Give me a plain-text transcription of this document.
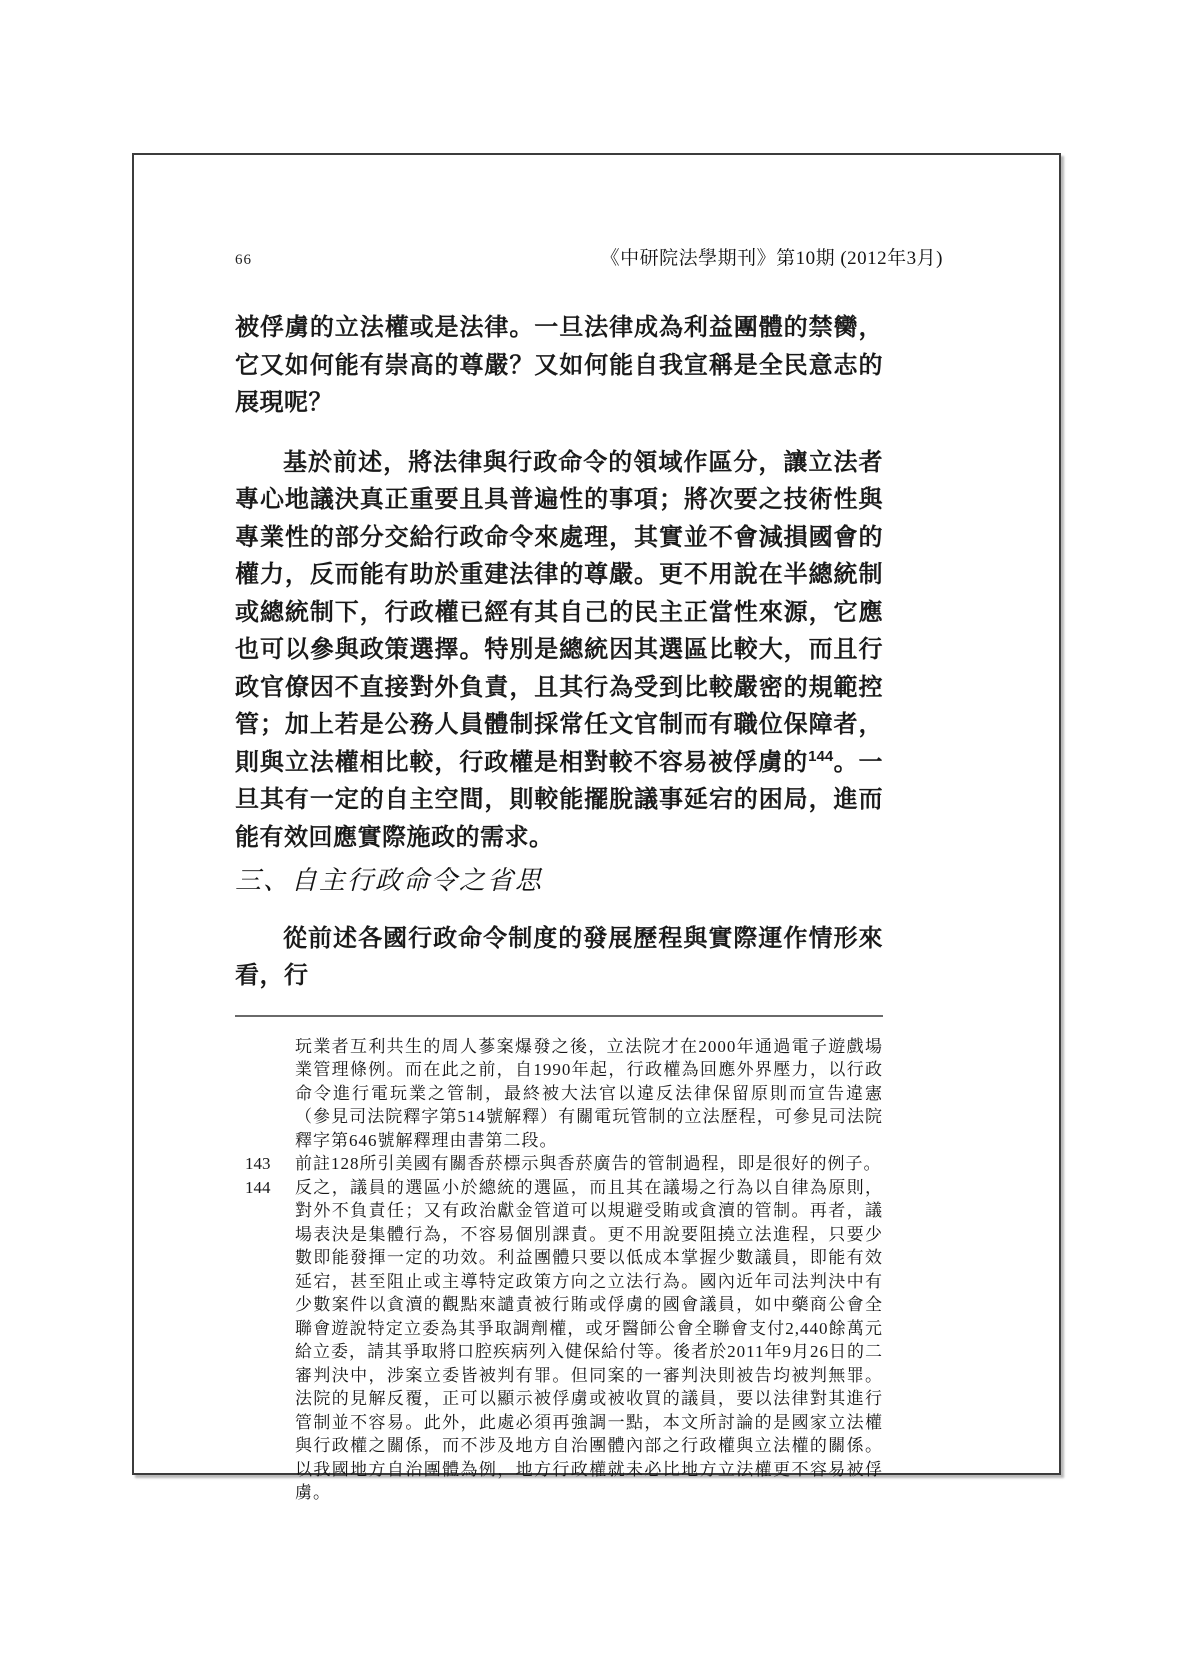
66	《中研院法學期刊》第10期 (2012年3月)

被俘虜的立法權或是法律。一旦法律成為利益團體的禁臠，它又如何能有崇高的尊嚴？又如何能自我宣稱是全民意志的展現呢？

基於前述，將法律與行政命令的領域作區分，讓立法者專心地議決真正重要且具普遍性的事項；將次要之技術性與專業性的部分交給行政命令來處理，其實並不會減損國會的權力，反而能有助於重建法律的尊嚴。更不用說在半總統制或總統制下，行政權已經有其自己的民主正當性來源，它應也可以參與政策選擇。特別是總統因其選區比較大，而且行政官僚因不直接對外負責，且其行為受到比較嚴密的規範控管；加上若是公務人員體制採常任文官制而有職位保障者，則與立法權相比較，行政權是相對較不容易被俘虜的$^{144}$。一旦其有一定的自主空間，則較能擺脫議事延宕的困局，進而能有效回應實際施政的需求。

三、自主行政命令之省思

從前述各國行政命令制度的發展歷程與實際運作情形來看，行

玩業者互利共生的周人蔘案爆發之後，立法院才在2000年通過電子遊戲場業管理條例。而在此之前，自1990年起，行政權為回應外界壓力，以行政命令進行電玩業之管制，最終被大法官以違反法律保留原則而宣告違憲（參見司法院釋字第514號解釋）有關電玩管制的立法歷程，可參見司法院釋字第646號解釋理由書第二段。

143	前註128所引美國有關香菸標示與香菸廣告的管制過程，即是很好的例子。
144	反之，議員的選區小於總統的選區，而且其在議場之行為以自律為原則，對外不負責任；又有政治獻金管道可以規避受賄或貪瀆的管制。再者，議場表決是集體行為，不容易個別課責。更不用說要阻撓立法進程，只要少數即能發揮一定的功效。利益團體只要以低成本掌握少數議員，即能有效延宕，甚至阻止或主導特定政策方向之立法行為。國內近年司法判決中有少數案件以貪瀆的觀點來譴責被行賄或俘虜的國會議員，如中藥商公會全聯會遊說特定立委為其爭取調劑權，或牙醫師公會全聯會支付2,440餘萬元給立委，請其爭取將口腔疾病列入健保給付等。後者於2011年9月26日的二審判決中，涉案立委皆被判有罪。但同案的一審判決則被告均被判無罪。法院的見解反覆，正可以顯示被俘虜或被收買的議員，要以法律對其進行管制並不容易。此外，此處必須再強調一點，本文所討論的是國家立法權與行政權之關係，而不涉及地方自治團體內部之行政權與立法權的關係。以我國地方自治團體為例，地方行政權就未必比地方立法權更不容易被俘虜。
